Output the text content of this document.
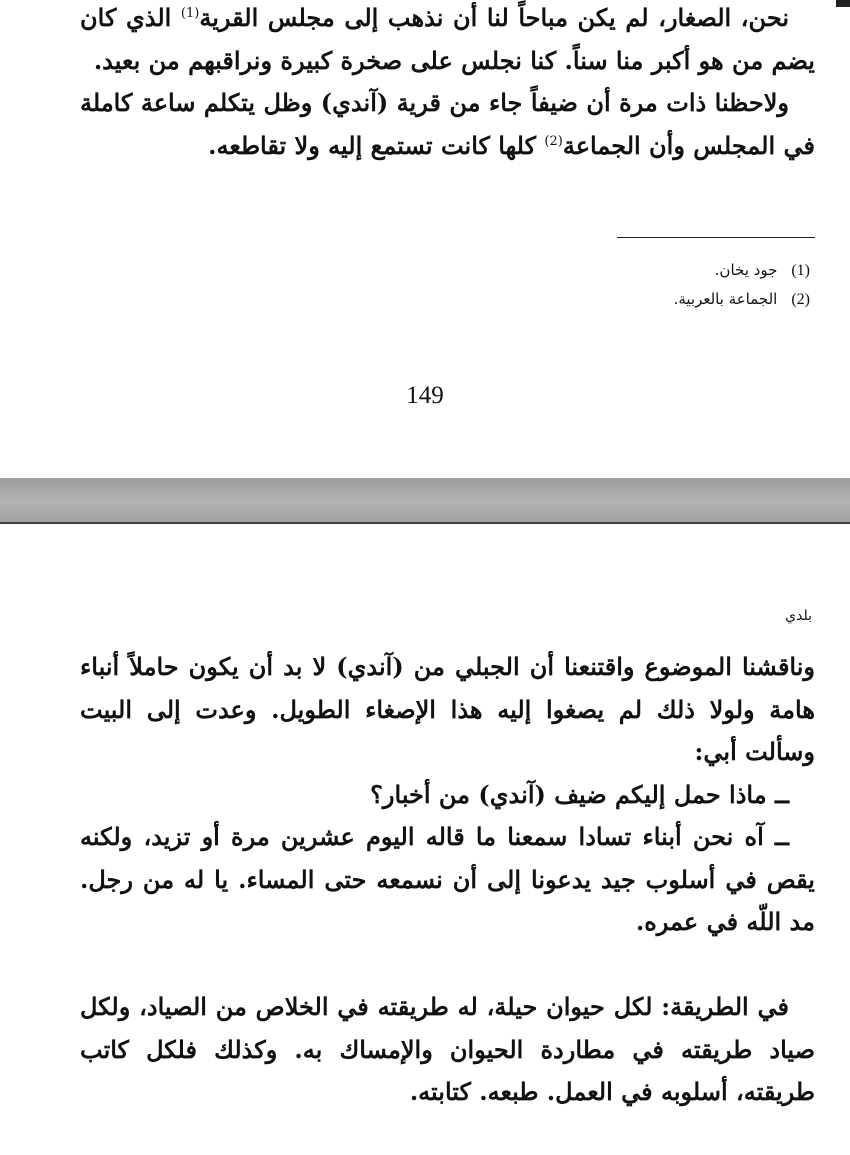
نحن، الصغار، لم يكن مباحاً لنا أن نذهب إلى مجلس القرية$^{(1)}$ الذي كان يضم من هو أكبر منا سناً. كنا نجلس على صخرة كبيرة ونراقبهم من بعيد.

ولاحظنا ذات مرة أن ضيفاً جاء من قرية (آندي) وظل يتكلم ساعة كاملة في المجلس وأن الجماعة$^{(2)}$ كلها كانت تستمع إليه ولا تقاطعه.

(1)جود يخان.
(2)الجماعة بالعربية.
149
بلدي

وناقشنا الموضوع واقتنعنا أن الجبلي من (آندي) لا بد أن يكون حاملاً أنباء هامة ولولا ذلك لم يصغوا إليه هذا الإصغاء الطويل. وعدت إلى البيت وسألت أبي:

ــ ماذا حمل إليكم ضيف (آندي) من أخبار؟

ــ آه نحن أبناء تسادا سمعنا ما قاله اليوم عشرين مرة أو تزيد، ولكنه يقص في أسلوب جيد يدعونا إلى أن نسمعه حتى المساء. يا له من رجل. مد اللّه في عمره.

في الطريقة: لكل حيوان حيلة، له طريقته في الخلاص من الصياد، ولكل صياد طريقته في مطاردة الحيوان والإمساك به. وكذلك فلكل كاتب طريقته، أسلوبه في العمل. طبعه. كتابته.
